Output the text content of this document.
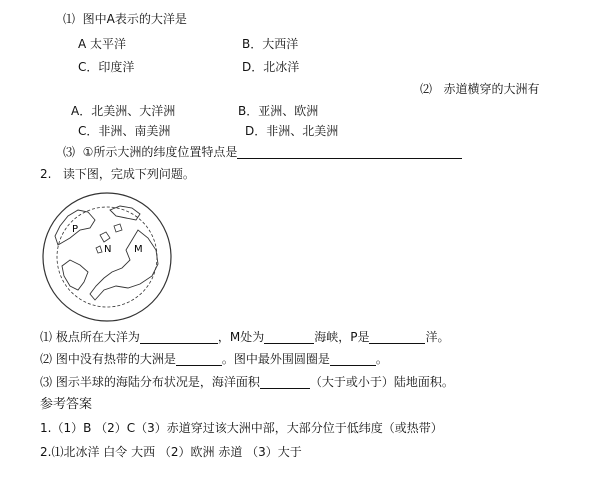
⑴ 图中A表示的大洋是
A 太平洋	B．大西洋
C．印度洋	D．北冰洋
⑵ 赤道横穿的大洲有
A．北美洲、大洋洲	B．亚洲、欧洲
C．非洲、南美洲	D．非洲、北美洲
⑶ ①所示大洲的纬度位置特点是
2. 读下图，完成下列问题。
P
N M
⑴ 极点所在大洋为	，M处为	海峡，P是	洋。
⑵ 图中没有热带的大洲是	。图中最外围圆圈是	。
⑶ 图示半球的海陆分布状况是，海洋面积	（大于或小于）陆地面积。
参考答案
1.（1）B （2）C（3）赤道穿过该大洲中部，大部分位于低纬度（或热带）
2.⑴北冰洋 白令 大西 （2）欧洲 赤道 （3）大于
